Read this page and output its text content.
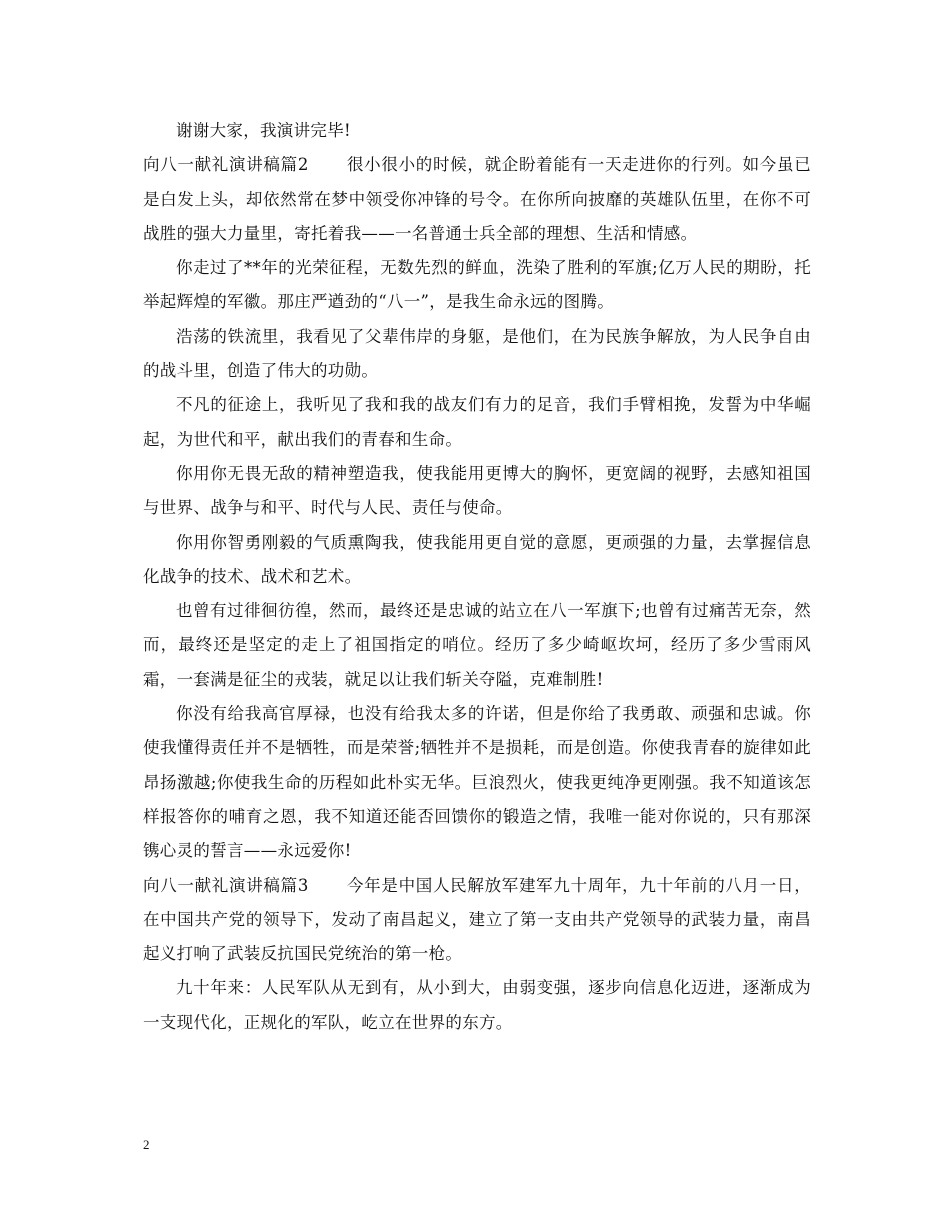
谢谢大家，我演讲完毕!

向八一献礼演讲稿篇2 很小很小的时候，就企盼着能有一天走进你的行列。如今虽已是白发上头，却依然常在梦中领受你冲锋的号令。在你所向披靡的英雄队伍里，在你不可战胜的强大力量里，寄托着我——一名普通士兵全部的理想、生活和情感。

你走过了**年的光荣征程，无数先烈的鲜血，洗染了胜利的军旗;亿万人民的期盼，托举起辉煌的军徽。那庄严遒劲的“八一”，是我生命永远的图腾。

浩荡的铁流里，我看见了父辈伟岸的身躯，是他们，在为民族争解放，为人民争自由的战斗里，创造了伟大的功勋。

不凡的征途上，我听见了我和我的战友们有力的足音，我们手臂相挽，发誓为中华崛起，为世代和平，献出我们的青春和生命。

你用你无畏无敌的精神塑造我，使我能用更博大的胸怀，更宽阔的视野，去感知祖国与世界、战争与和平、时代与人民、责任与使命。

你用你智勇刚毅的气质熏陶我，使我能用更自觉的意愿，更顽强的力量，去掌握信息化战争的技术、战术和艺术。

也曾有过徘徊彷徨，然而，最终还是忠诚的站立在八一军旗下;也曾有过痛苦无奈，然而，最终还是坚定的走上了祖国指定的哨位。经历了多少崎岖坎坷，经历了多少雪雨风霜，一套满是征尘的戎装，就足以让我们斩关夺隘，克难制胜!

你没有给我高官厚禄，也没有给我太多的许诺，但是你给了我勇敢、顽强和忠诚。你使我懂得责任并不是牺牲，而是荣誉;牺牲并不是损耗，而是创造。你使我青春的旋律如此昂扬激越;你使我生命的历程如此朴实无华。巨浪烈火，使我更纯净更刚强。我不知道该怎样报答你的哺育之恩，我不知道还能否回馈你的锻造之情，我唯一能对你说的，只有那深镌心灵的誓言——永远爱你!

向八一献礼演讲稿篇3 今年是中国人民解放军建军九十周年，九十年前的八月一日，在中国共产党的领导下，发动了南昌起义，建立了第一支由共产党领导的武装力量，南昌起义打响了武装反抗国民党统治的第一枪。

九十年来：人民军队从无到有，从小到大，由弱变强，逐步向信息化迈进，逐渐成为一支现代化，正规化的军队，屹立在世界的东方。

2
